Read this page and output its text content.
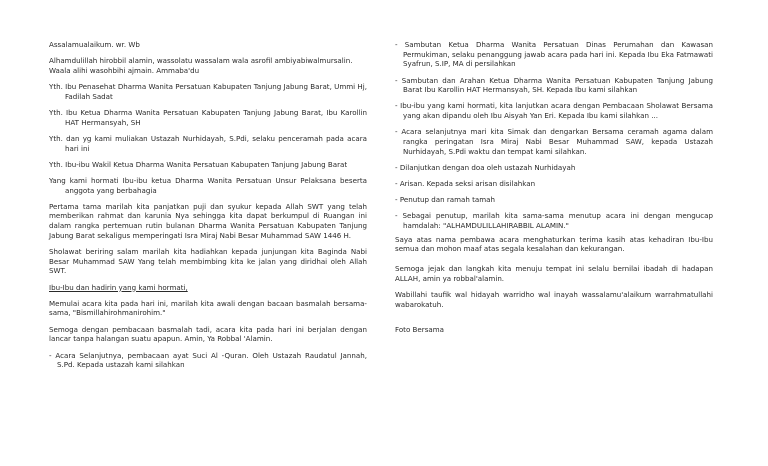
Assalamualaikum. wr. Wb

Alhamdulillah hirobbil alamin, wassolatu wassalam wala asrofil ambiyabiwalmursalin.

Waala alihi wasohbihi ajmain. Ammaba'du

Yth. Ibu Penasehat Dharma Wanita Persatuan Kabupaten Tanjung Jabung Barat, Ummi Hj, Fadilah Sadat

Yth. Ibu Ketua Dharma Wanita Persatuan Kabupaten Tanjung Jabung Barat, Ibu Karollin HAT Hermansyah, SH

Yth. dan yg kami muliakan Ustazah Nurhidayah, S.Pdi, selaku penceramah pada acara hari ini

Yth. Ibu-ibu Wakil Ketua Dharma Wanita Persatuan Kabupaten Tanjung Jabung Barat

Yang kami hormati Ibu-ibu ketua Dharma Wanita Persatuan Unsur Pelaksana beserta anggota yang berbahagia

Pertama tama marilah kita panjatkan puji dan syukur kepada Allah SWT yang telah memberikan rahmat dan karunia Nya sehingga kita dapat berkumpul di Ruangan ini dalam rangka pertemuan rutin bulanan Dharma Wanita Persatuan Kabupaten Tanjung Jabung Barat sekaligus memperingati Isra Miraj Nabi Besar Muhammad SAW 1446 H.

Sholawat beriring salam marilah kita hadiahkan kepada junjungan kita Baginda Nabi Besar Muhammad SAW Yang telah membimbing kita ke jalan yang diridhai oleh Allah SWT.

Ibu-Ibu dan hadirin yang kami hormati,

Memulai acara kita pada hari ini, marilah kita awali dengan bacaan basmalah bersama-sama, "Bismillahirohmanirohim."

Semoga dengan pembacaan basmalah tadi, acara kita pada hari ini berjalan dengan lancar tanpa halangan suatu apapun. Amin, Ya Robbal 'Alamin.

- Acara Selanjutnya, pembacaan ayat Suci Al -Quran. Oleh Ustazah Raudatul Jannah, S.Pd. Kepada ustazah kami silahkan

- Sambutan Ketua Dharma Wanita Persatuan Dinas Perumahan dan Kawasan Permukiman, selaku penanggung jawab acara pada hari ini. Kepada Ibu Eka Fatmawati Syafrun, S.IP, MA di persilahkan

- Sambutan dan Arahan Ketua Dharma Wanita Persatuan Kabupaten Tanjung Jabung Barat Ibu Karollin HAT Hermansyah, SH. Kepada Ibu kami silahkan

- Ibu-ibu yang kami hormati, kita lanjutkan acara dengan Pembacaan Sholawat Bersama yang akan dipandu oleh Ibu Aisyah Yan Eri. Kepada Ibu kami silahkan ...

- Acara selanjutnya mari kita Simak dan dengarkan Bersama ceramah agama dalam rangka peringatan Isra Miraj Nabi Besar Muhammad SAW, kepada Ustazah Nurhidayah, S.Pdi waktu dan tempat kami silahkan.

- Dilanjutkan dengan doa oleh ustazah Nurhidayah

- Arisan. Kepada seksi arisan disilahkan

- Penutup dan ramah tamah

- Sebagai penutup, marilah kita sama-sama menutup acara ini dengan mengucap hamdalah: "ALHAMDULILLAHIRABBIL ALAMIN."

Saya atas nama pembawa acara menghaturkan terima kasih atas kehadiran Ibu-Ibu semua dan mohon maaf atas segala kesalahan dan kekurangan.

Semoga jejak dan langkah kita menuju tempat ini selalu bernilai ibadah di hadapan ALLAH, amin ya robbal'alamin.

Wabillahi taufik wal hidayah warridho wal inayah wassalamu'alaikum warrahmatullahi wabarokatuh.

Foto Bersama
